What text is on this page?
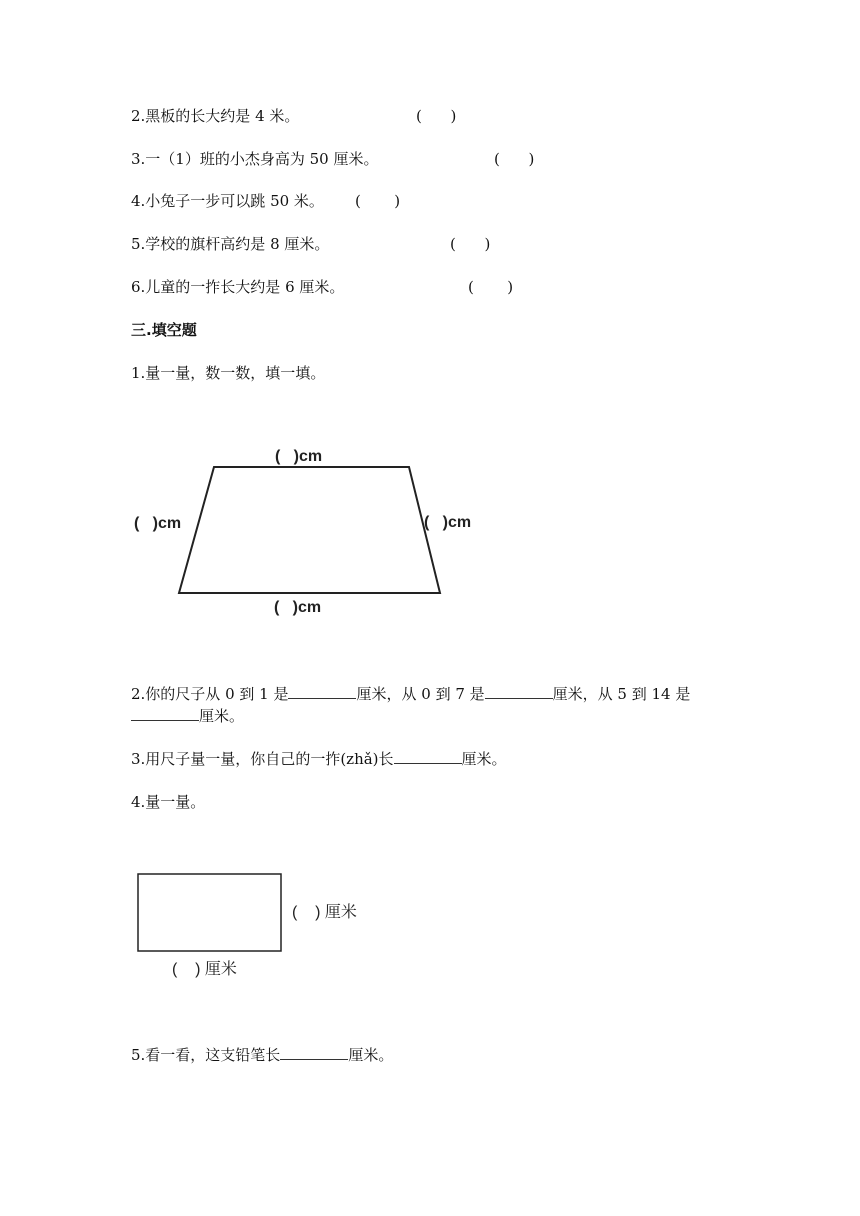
2.黑板的长大约是 4 米。	(      )
3.一（1）班的小杰身高为 50 厘米。	(      )
4.小兔子一步可以跳 50 米。 (       )
5.学校的旗杆高约是 8 厘米。	(      )
6.儿童的一拃长大约是 6 厘米。	(       )
三.填空题
1.量一量，数一数，填一填。
(   )cm
(   )cm	(   )cm
(   )cm
2.你的尺子从 0 到 1 是	厘米，从 0 到 7 是	厘米，从 5 到 14 是
厘米。
3.用尺子量一量，你自己的一拃(zhǎ)长	厘米。
4.量一量。
(    ) 厘米
(    ) 厘米
5.看一看，这支铅笔长	厘米。
